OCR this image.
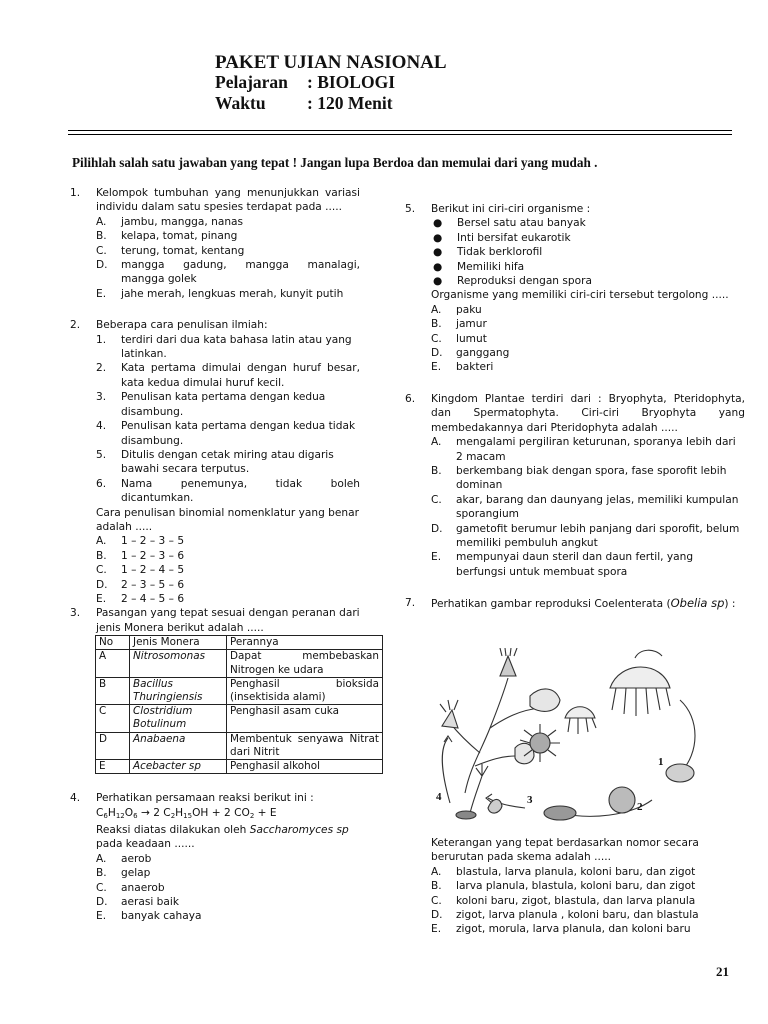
PAKET UJIAN NASIONAL
Pelajaran : BIOLOGI
Waktu : 120 Menit
Pilihlah salah satu jawaban yang tepat ! Jangan lupa Berdoa dan memulai dari yang mudah .
1.	Kelompok tumbuhan yang menunjukkan variasi individu dalam satu spesies terdapat pada .....
A.	jambu, mangga, nanas
B.	kelapa, tomat, pinang
C.	terung, tomat, kentang
D.	mangga gadung, mangga manalagi, mangga golek
E.	jahe merah, lengkuas merah, kunyit putih
2.	Beberapa cara penulisan ilmiah:
1.	terdiri dari dua kata bahasa latin atau yang latinkan.
2.	Kata pertama dimulai dengan huruf besar, kata kedua dimulai huruf kecil.
3.	Penulisan kata pertama dengan kedua disambung.
4.	Penulisan kata pertama dengan kedua tidak disambung.
5.	Ditulis dengan cetak miring atau digaris bawahi secara terputus.
6.	Nama penemunya, tidak boleh dicantumkan.
Cara penulisan binomial nomenklatur yang benar adalah .....
A.	1 – 2 – 3 – 5
B.	1 – 2 – 3 – 6
C.	1 – 2 – 4 – 5
D.	2 – 3 – 5 – 6
E.	2 – 4 – 5 – 6
3.	Pasangan yang tepat sesuai dengan peranan dari jenis Monera berikut adalah .....
No	Jenis Monera	Perannya
A	Nitrosomonas	Dapat membebaskan Nitrogen ke udara
B	Bacillus Thuringiensis	Penghasil bioksida (insektisida alami)
C	Clostridium Botulinum	Penghasil asam cuka
D	Anabaena	Membentuk senyawa Nitrat dari Nitrit
E	Acebacter sp	Penghasil alkohol
4.	Perhatikan persamaan reaksi berikut ini :
$C_6H_{12}O_6 \to 2$ $C_2H_{15}OH + 2$ $CO_2 + E$
Reaksi diatas dilakukan oleh Saccharomyces sp pada keadaan ......
A.	aerob
B.	gelap
C.	anaerob
D.	aerasi baik
E.	banyak cahaya
5.	Berikut ini ciri-ciri organisme :
●	Bersel satu atau banyak
●	Inti bersifat eukarotik
●	Tidak berklorofil
●	Memiliki hifa
●	Reproduksi dengan spora
Organisme yang memiliki ciri-ciri tersebut tergolong .....
A.	paku
B.	jamur
C.	lumut
D.	ganggang
E.	bakteri
6.	Kingdom Plantae terdiri dari : Bryophyta, Pteridophyta, dan Spermatophyta. Ciri-ciri Bryophyta yang membedakannya dari Pteridophyta adalah .....
A.	mengalami pergiliran keturunan, sporanya lebih dari 2 macam
B.	berkembang biak dengan spora, fase sporofit lebih dominan
C.	akar, barang dan daunyang jelas, memiliki kumpulan sporangium
D.	gametofit berumur lebih panjang dari sporofit, belum memiliki pembuluh angkut
E.	mempunyai daun steril dan daun fertil, yang berfungsi untuk membuat spora
7.	Perhatikan gambar reproduksi Coelenterata (Obelia sp) :
1
2
3
4
Keterangan yang tepat berdasarkan nomor secara berurutan pada skema adalah .....
A.	blastula, larva planula, koloni baru, dan zigot
B.	larva planula, blastula, koloni baru, dan zigot
C.	koloni baru, zigot, blastula, dan larva planula
D.	zigot, larva planula , koloni baru, dan blastula
E.	zigot, morula, larva planula, dan koloni baru
21
